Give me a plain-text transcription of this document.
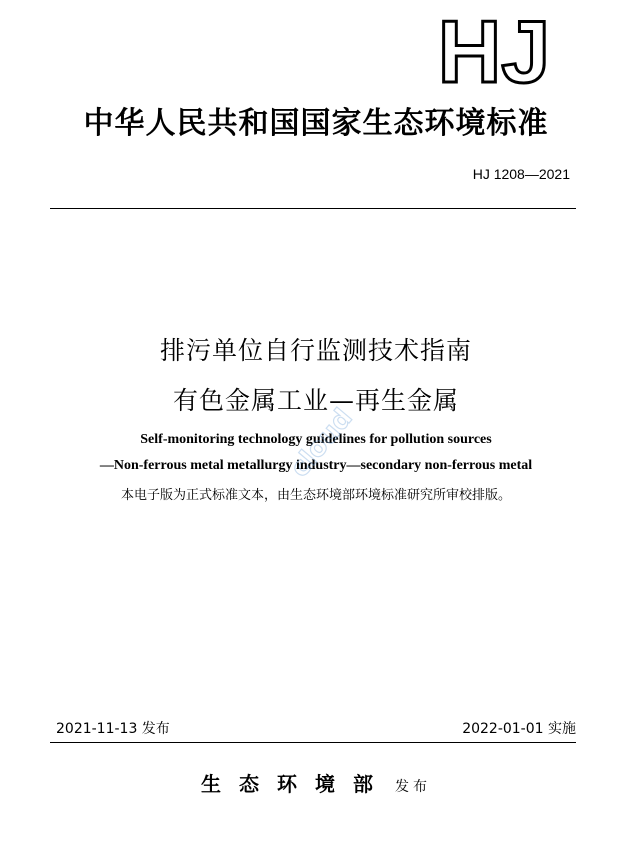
HJ
中华人民共和国国家生态环境标准
HJ 1208—2021
排污单位自行监测技术指南
有色金属工业—再生金属
Self-monitoring technology guidelines for pollution sources
—Non-ferrous metal metallurgy industry—secondary non-ferrous metal
本电子版为正式标准文本，由生态环境部环境标准研究所审校排版。
cloud
2021-11-13 发布	2022-01-01 实施
生态环境部 发布
